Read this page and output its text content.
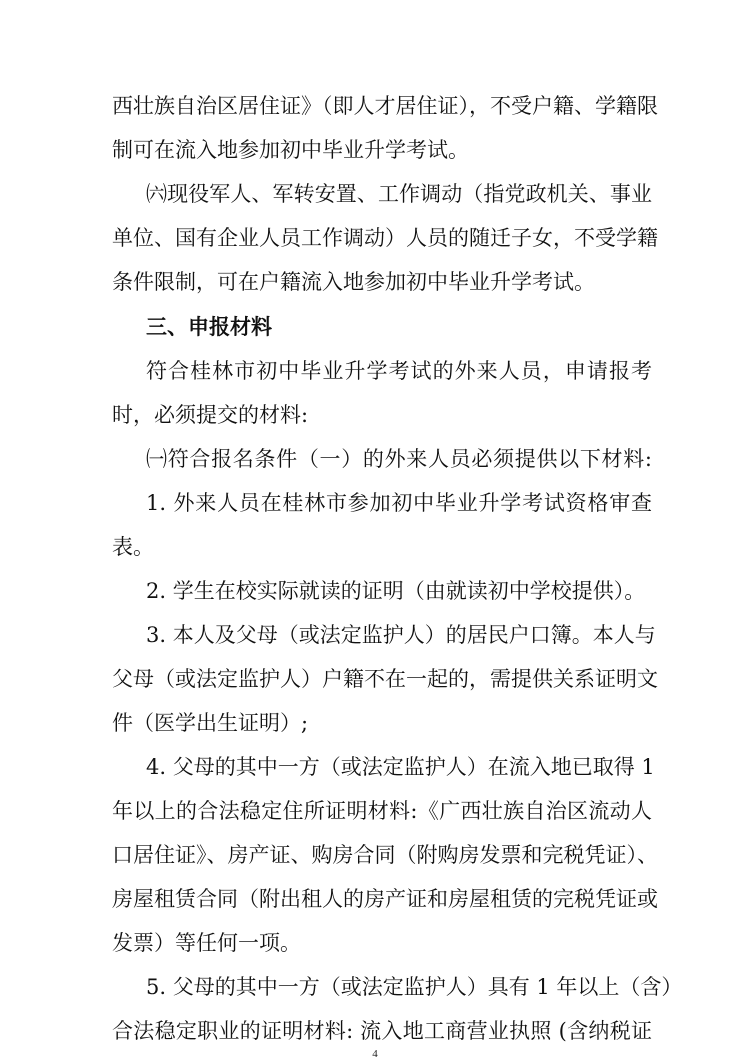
西壮族自治区居住证》（即人才居住证），不受户籍、学籍限
制可在流入地参加初中毕业升学考试。
㈥现役军人、军转安置、工作调动（指党政机关、事业
单位、国有企业人员工作调动）人员的随迁子女，不受学籍
条件限制，可在户籍流入地参加初中毕业升学考试。
三、申报材料
符合桂林市初中毕业升学考试的外来人员，申请报考
时，必须提交的材料:
㈠符合报名条件（一）的外来人员必须提供以下材料:
1. 外来人员在桂林市参加初中毕业升学考试资格审查
表。
2. 学生在校实际就读的证明（由就读初中学校提供）。
3. 本人及父母（或法定监护人）的居民户口簿。本人与
父母（或法定监护人）户籍不在一起的，需提供关系证明文
件（医学出生证明）;
4. 父母的其中一方（或法定监护人）在流入地已取得 1
年以上的合法稳定住所证明材料:《广西壮族自治区流动人
口居住证》、房产证、购房合同（附购房发票和完税凭证）、
房屋租赁合同（附出租人的房产证和房屋租赁的完税凭证或
发票）等任何一项。
5. 父母的其中一方（或法定监护人）具有 1 年以上（含）
合法稳定职业的证明材料: 流入地工商营业执照 (含纳税证
4
